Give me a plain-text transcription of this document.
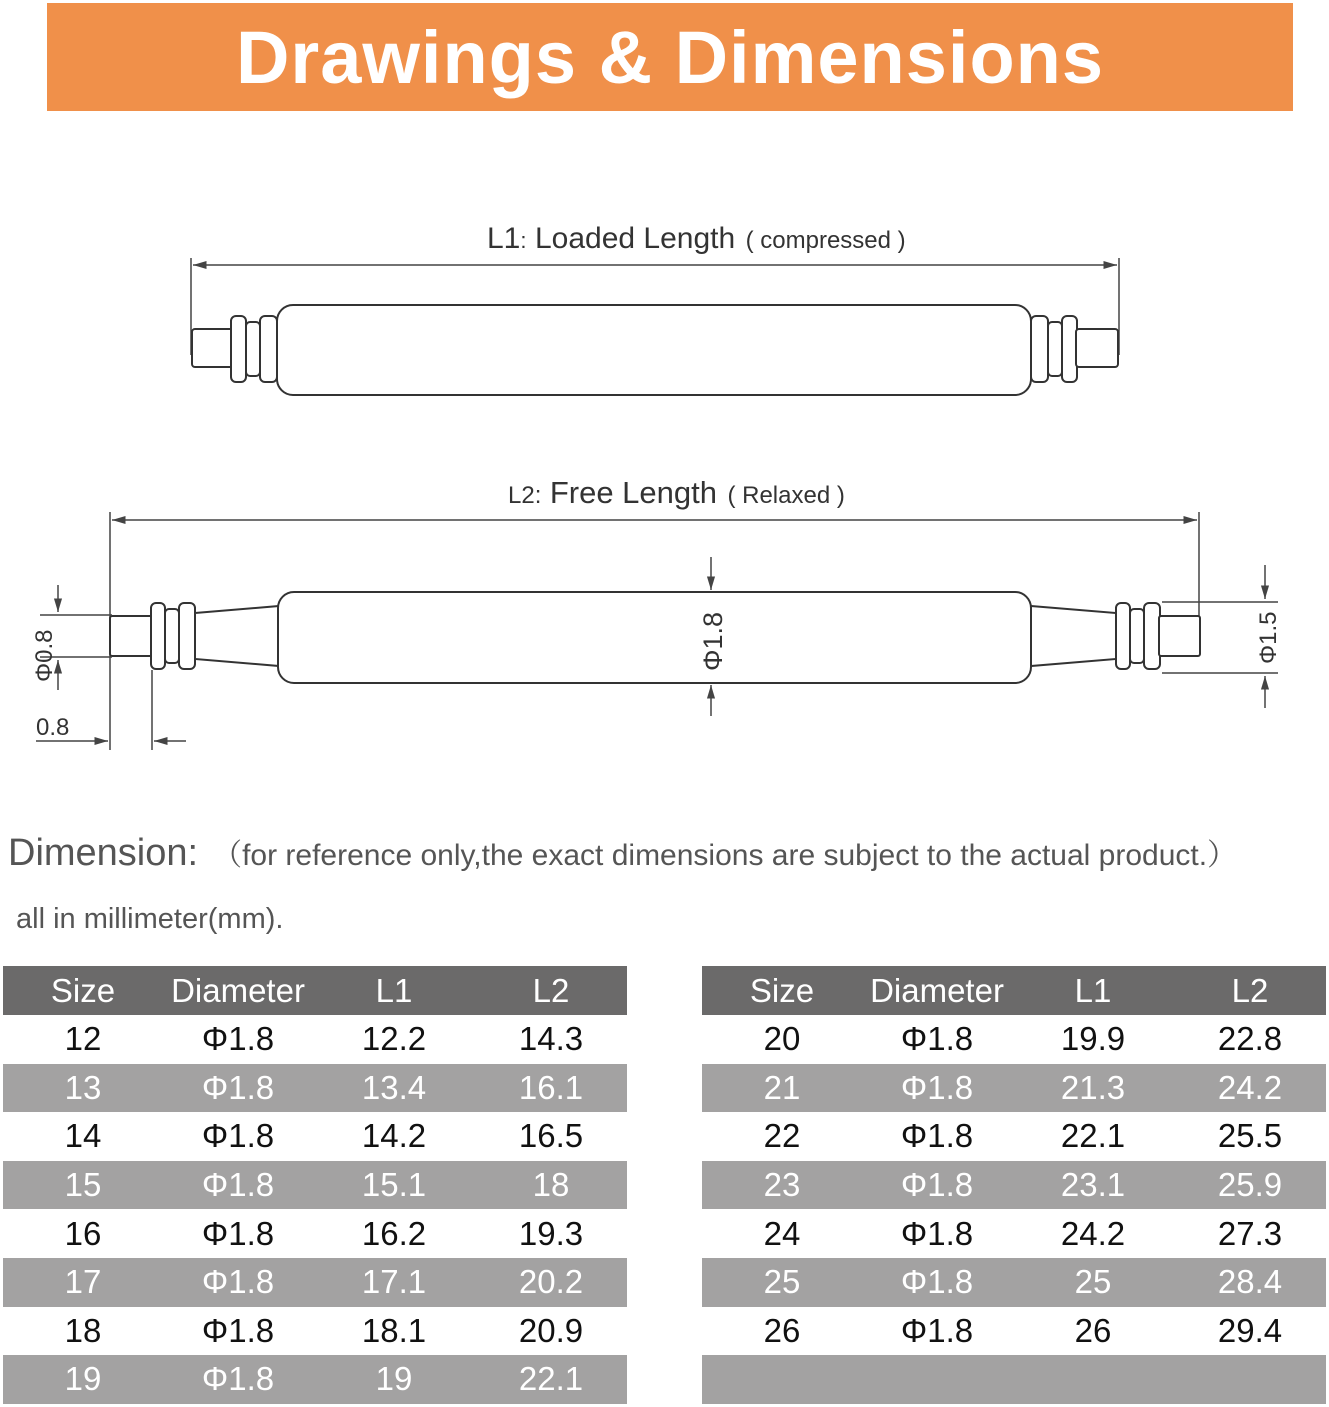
Drawings & Dimensions
L1: Loaded Length ( compressed )
L2: Free Length ( Relaxed )
Φ0.8
0.8
Φ1.8	Φ1.5
Dimension: （for reference only,the exact dimensions are subject to the actual product.）
all in millimeter(mm).
Size	Diameter	L1	L2
12	Φ1.8	12.2	14.3
13	Φ1.8	13.4	16.1
14	Φ1.8	14.2	16.5
15	Φ1.8	15.1	18
16	Φ1.8	16.2	19.3
17	Φ1.8	17.1	20.2
18	Φ1.8	18.1	20.9
19	Φ1.8	19	22.1
Size	Diameter	L1	L2
20	Φ1.8	19.9	22.8
21	Φ1.8	21.3	24.2
22	Φ1.8	22.1	25.5
23	Φ1.8	23.1	25.9
24	Φ1.8	24.2	27.3
25	Φ1.8	25	28.4
26	Φ1.8	26	29.4
